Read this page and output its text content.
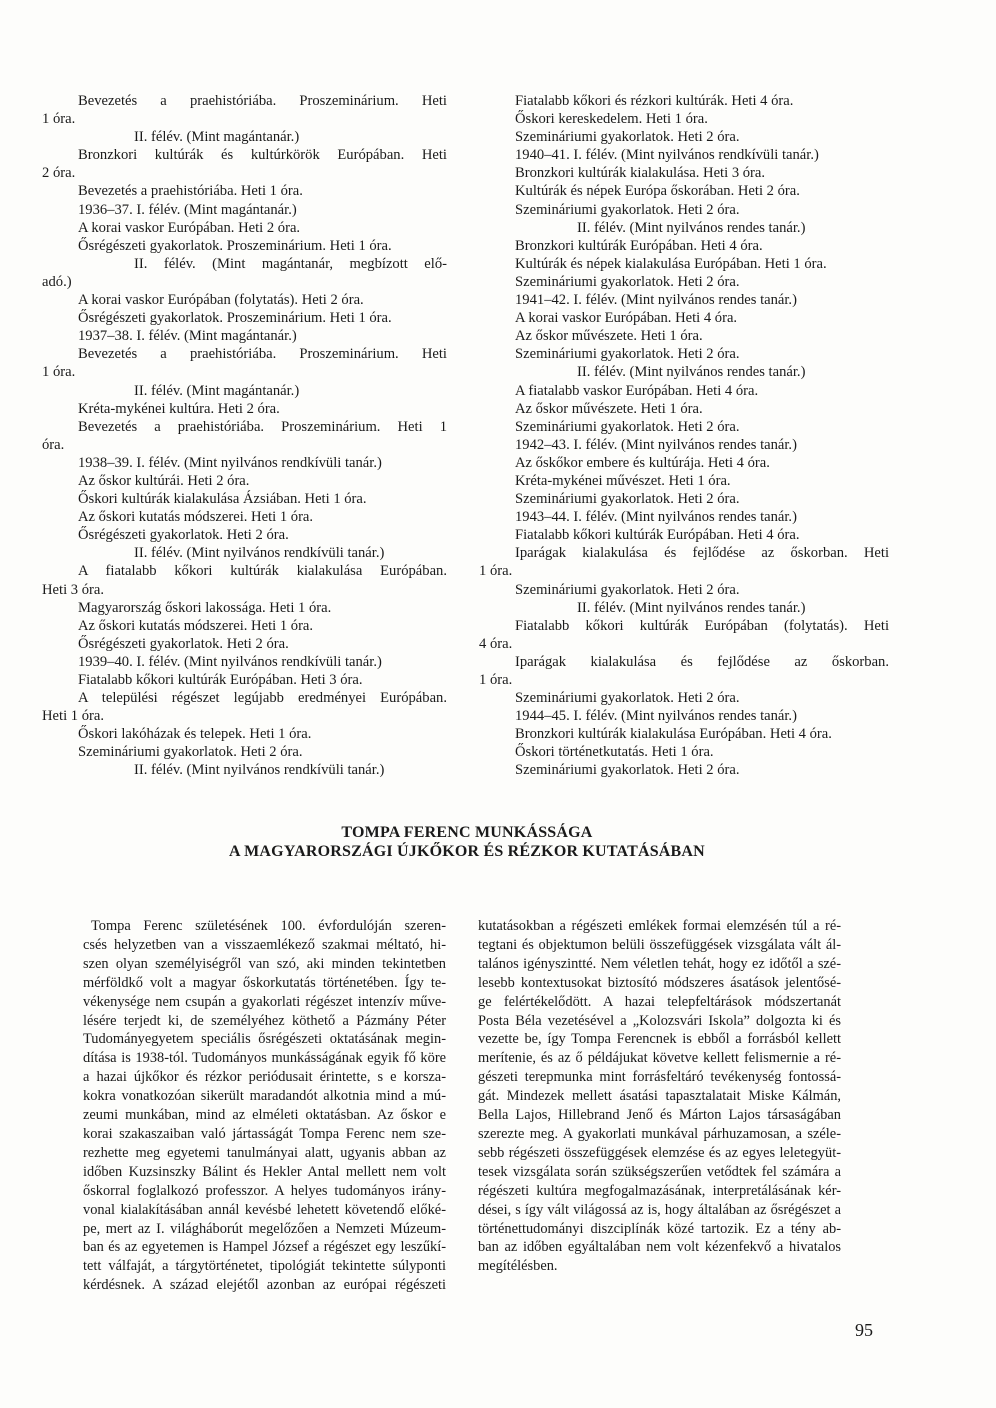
Bevezetés a praehistóriába. Proszeminárium. Heti
1 óra.
II. félév. (Mint magántanár.)
Bronzkori kultúrák és kultúrkörök Európában. Heti
2 óra.
Bevezetés a praehistóriába. Heti 1 óra.
1936–37. I. félév. (Mint magántanár.)
A korai vaskor Európában. Heti 2 óra.
Ősrégészeti gyakorlatok. Proszeminárium. Heti 1 óra.
II. félév. (Mint magántanár, megbízott elő-
adó.)
A korai vaskor Európában (folytatás). Heti 2 óra.
Ősrégészeti gyakorlatok. Proszeminárium. Heti 1 óra.
1937–38. I. félév. (Mint magántanár.)
Bevezetés a praehistóriába. Proszeminárium. Heti
1 óra.
II. félév. (Mint magántanár.)
Kréta-mykénei kultúra. Heti 2 óra.
Bevezetés a praehistóriába. Proszeminárium. Heti 1
óra.
1938–39. I. félév. (Mint nyilvános rendkívüli tanár.)
Az őskor kultúrái. Heti 2 óra.
Őskori kultúrák kialakulása Ázsiában. Heti 1 óra.
Az őskori kutatás módszerei. Heti 1 óra.
Ősrégészeti gyakorlatok. Heti 2 óra.
II. félév. (Mint nyilvános rendkívüli tanár.)
A fiatalabb kőkori kultúrák kialakulása Európában.
Heti 3 óra.
Magyarország őskori lakossága. Heti 1 óra.
Az őskori kutatás módszerei. Heti 1 óra.
Ősrégészeti gyakorlatok. Heti 2 óra.
1939–40. I. félév. (Mint nyilvános rendkívüli tanár.)
Fiatalabb kőkori kultúrák Európában. Heti 3 óra.
A települési régészet legújabb eredményei Európában.
Heti 1 óra.
Őskori lakóházak és telepek. Heti 1 óra.
Szemináriumi gyakorlatok. Heti 2 óra.
II. félév. (Mint nyilvános rendkívüli tanár.)
Fiatalabb kőkori és rézkori kultúrák. Heti 4 óra.
Őskori kereskedelem. Heti 1 óra.
Szemináriumi gyakorlatok. Heti 2 óra.
1940–41. I. félév. (Mint nyilvános rendkívüli tanár.)
Bronzkori kultúrák kialakulása. Heti 3 óra.
Kultúrák és népek Európa őskorában. Heti 2 óra.
Szemináriumi gyakorlatok. Heti 2 óra.
II. félév. (Mint nyilvános rendes tanár.)
Bronzkori kultúrák Európában. Heti 4 óra.
Kultúrák és népek kialakulása Európában. Heti 1 óra.
Szemináriumi gyakorlatok. Heti 2 óra.
1941–42. I. félév. (Mint nyilvános rendes tanár.)
A korai vaskor Európában. Heti 4 óra.
Az őskor művészete. Heti 1 óra.
Szemináriumi gyakorlatok. Heti 2 óra.
II. félév. (Mint nyilvános rendes tanár.)
A fiatalabb vaskor Európában. Heti 4 óra.
Az őskor művészete. Heti 1 óra.
Szemináriumi gyakorlatok. Heti 2 óra.
1942–43. I. félév. (Mint nyilvános rendes tanár.)
Az őskőkor embere és kultúrája. Heti 4 óra.
Kréta-mykénei művészet. Heti 1 óra.
Szemináriumi gyakorlatok. Heti 2 óra.
1943–44. I. félév. (Mint nyilvános rendes tanár.)
Fiatalabb kőkori kultúrák Európában. Heti 4 óra.
Iparágak kialakulása és fejlődése az őskorban. Heti
1 óra.
Szemináriumi gyakorlatok. Heti 2 óra.
II. félév. (Mint nyilvános rendes tanár.)
Fiatalabb kőkori kultúrák Európában (folytatás). Heti
4 óra.
Iparágak kialakulása és fejlődése az őskorban.
1 óra.
Szemináriumi gyakorlatok. Heti 2 óra.
1944–45. I. félév. (Mint nyilvános rendes tanár.)
Bronzkori kultúrák kialakulása Európában. Heti 4 óra.
Őskori történetkutatás. Heti 1 óra.
Szemináriumi gyakorlatok. Heti 2 óra.
TOMPA FERENC MUNKÁSSÁGA
A MAGYARORSZÁGI ÚJKŐKOR ÉS RÉZKOR KUTATÁSÁBAN
Tompa Ferenc születésének 100. évfordulóján szeren-
csés helyzetben van a visszaemlékező szakmai méltató, hi-
szen olyan személyiségről van szó, aki minden tekintetben
mérföldkő volt a magyar őskorkutatás történetében. Így te-
vékenysége nem csupán a gyakorlati régészet intenzív műve-
lésére terjedt ki, de személyéhez köthető a Pázmány Péter
Tudományegyetem speciális ősrégészeti oktatásának megin-
dítása is 1938-tól. Tudományos munkásságának egyik fő köre
a hazai újkőkor és rézkor periódusait érintette, s e korsza-
kokra vonatkozóan sikerült maradandót alkotnia mind a mú-
zeumi munkában, mind az elméleti oktatásban. Az őskor e
korai szakaszaiban való jártasságát Tompa Ferenc nem sze-
rezhette meg egyetemi tanulmányai alatt, ugyanis abban az
időben Kuzsinszky Bálint és Hekler Antal mellett nem volt
őskorral foglalkozó professzor. A helyes tudományos irány-
vonal kialakításában annál kevésbé lehetett követendő előké-
pe, mert az I. világháborút megelőzően a Nemzeti Múzeum-
ban és az egyetemen is Hampel József a régészet egy leszűkí-
tett válfaját, a tárgytörténetet, tipológiát tekintette súlyponti
kérdésnek. A század elejétől azonban az európai régészeti
kutatásokban a régészeti emlékek formai elemzésén túl a ré-
tegtani és objektumon belüli összefüggések vizsgálata vált ál-
talános igényszintté. Nem véletlen tehát, hogy ez időtől a szé-
lesebb kontextusokat biztosító módszeres ásatások jelentősé-
ge felértékelődött. A hazai telepfeltárások módszertanát
Posta Béla vezetésével a „Kolozsvári Iskola” dolgozta ki és
vezette be, így Tompa Ferencnek is ebből a forrásból kellett
merítenie, és az ő példájukat követve kellett felismernie a ré-
gészeti terepmunka mint forrásfeltáró tevékenység fontossá-
gát. Mindezek mellett ásatási tapasztalatait Miske Kálmán,
Bella Lajos, Hillebrand Jenő és Márton Lajos társaságában
szerezte meg. A gyakorlati munkával párhuzamosan, a széle-
sebb régészeti összefüggések elemzése és az egyes leletegyüt-
tesek vizsgálata során szükségszerűen vetődtek fel számára a
régészeti kultúra megfogalmazásának, interpretálásának kér-
dései, s így vált világossá az is, hogy általában az ősrégészet a
történettudományi diszciplínák közé tartozik. Ez a tény ab-
ban az időben egyáltalában nem volt kézenfekvő a hivatalos
megítélésben.
95
